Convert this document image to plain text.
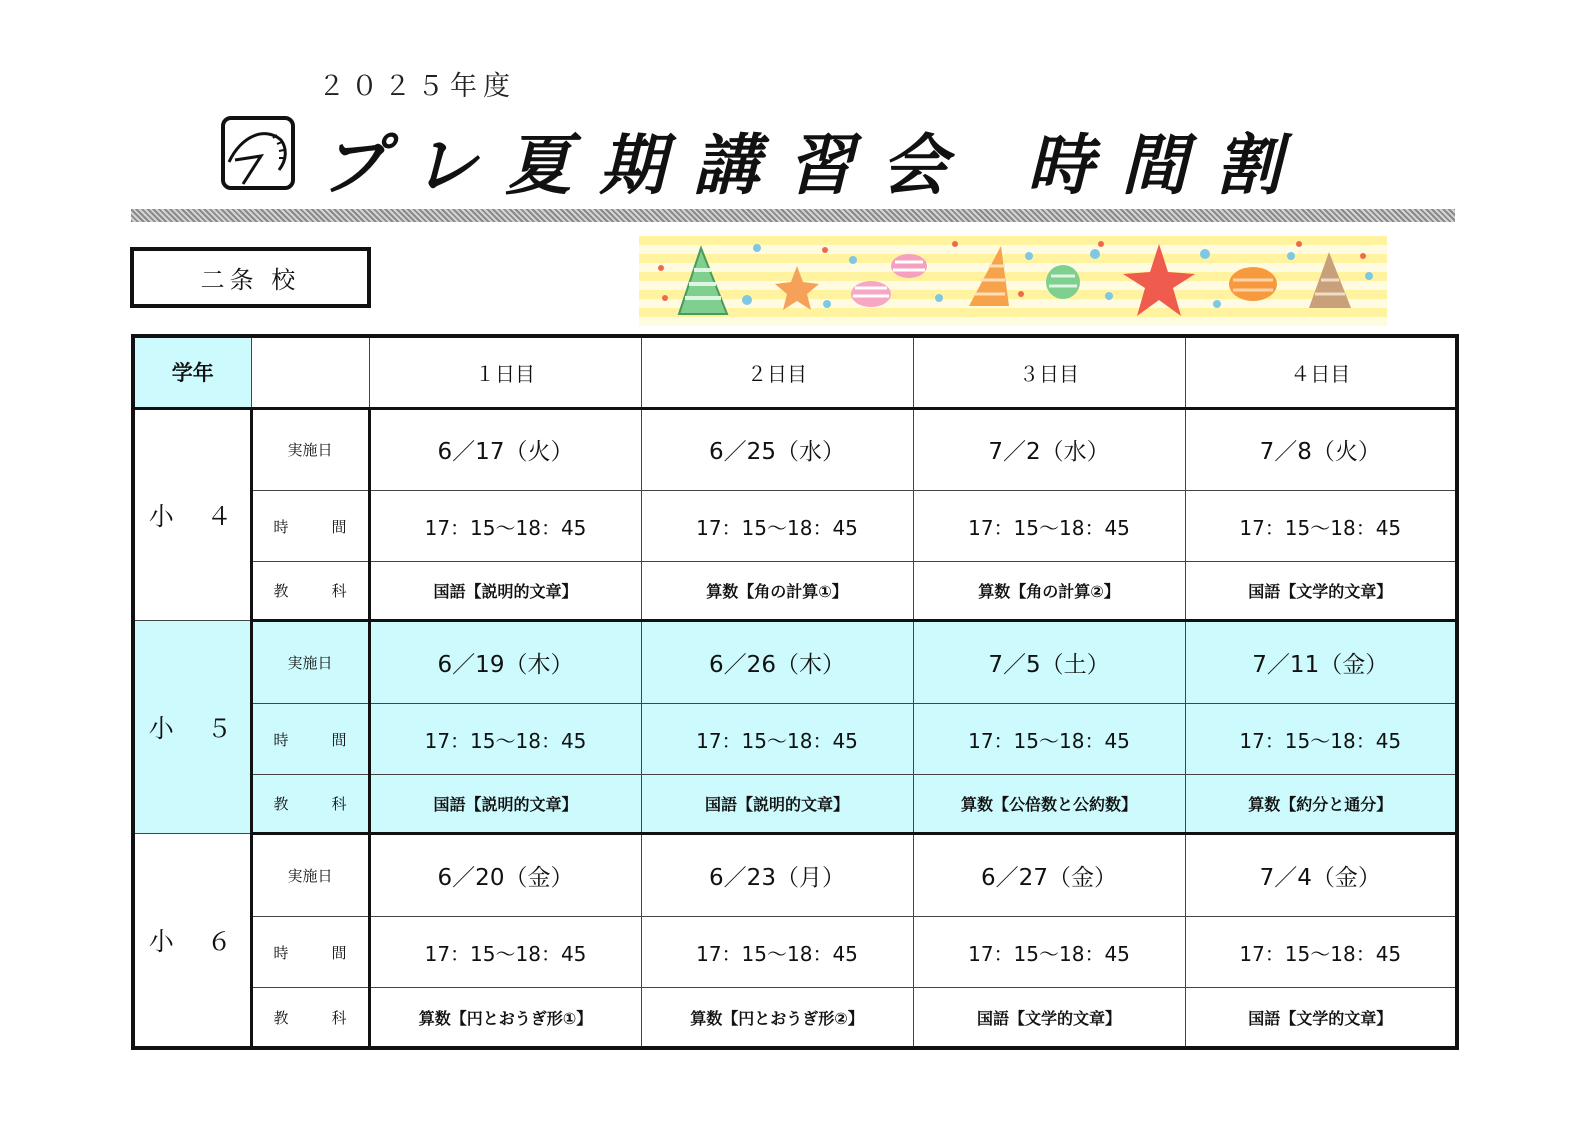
２０２５年度
プレ夏期講習会 時間割
二条 校
学年		１日目	２日目	３日目	４日目
小　４	実施日	6／17（火）	6／25（水）	7／2（水）	7／8（火）
	時　間	17：15～18：45	17：15～18：45	17：15～18：45	17：15～18：45
	教　科	国語【説明的文章】	算数【角の計算①】	算数【角の計算②】	国語【文学的文章】
小　５	実施日	6／19（木）	6／26（木）	7／5（土）	7／11（金）
	時　間	17：15～18：45	17：15～18：45	17：15～18：45	17：15～18：45
	教　科	国語【説明的文章】	国語【説明的文章】	算数【公倍数と公約数】	算数【約分と通分】
小　６	実施日	6／20（金）	6／23（月）	6／27（金）	7／4（金）
	時　間	17：15～18：45	17：15～18：45	17：15～18：45	17：15～18：45
	教　科	算数【円とおうぎ形①】	算数【円とおうぎ形②】	国語【文学的文章】	国語【文学的文章】
